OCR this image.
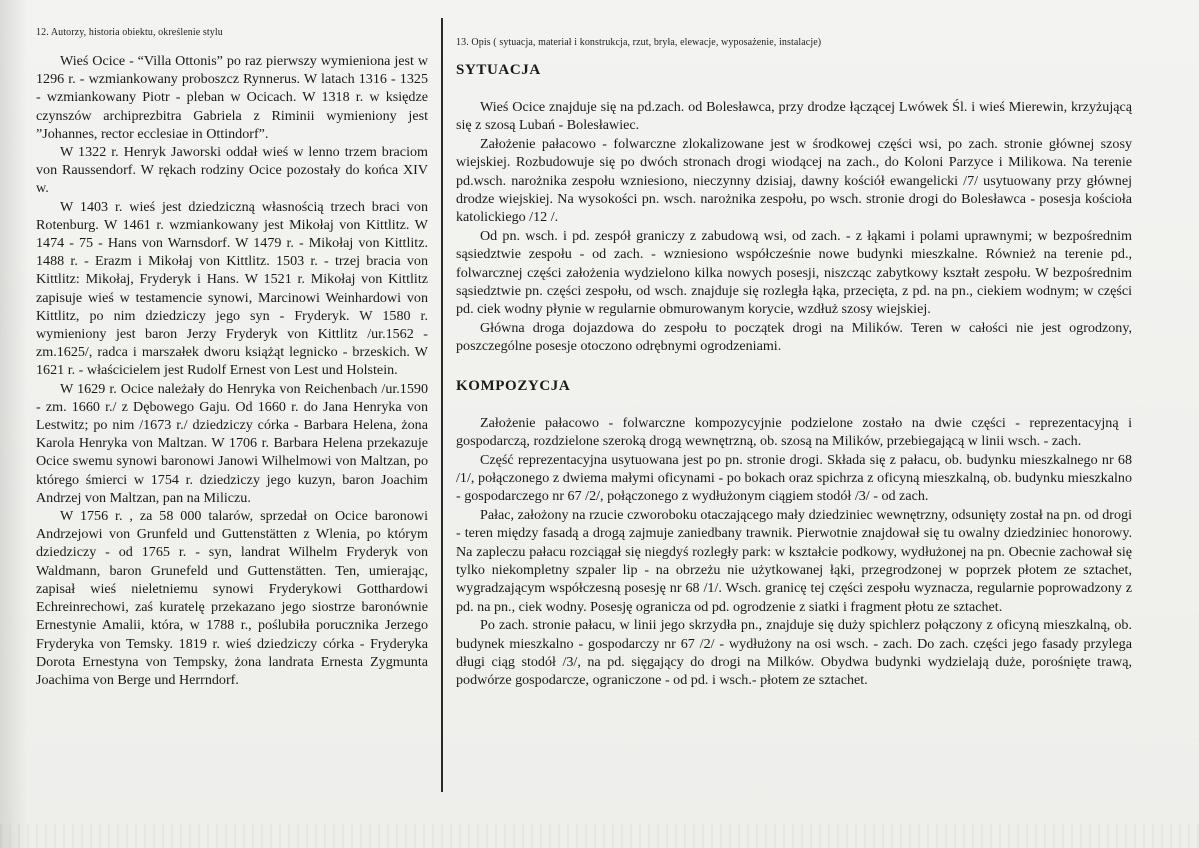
12. Autorzy, historia obiektu, określenie stylu
13. Opis ( sytuacja, materiał i konstrukcja, rzut, bryła, elewacje, wyposażenie, instalacje)

Wieś Ocice - “Villa Ottonis” po raz pierwszy wymieniona jest w 1296 r. - wzmiankowany proboszcz Rynnerus. W latach 1316 - 1325 - wzmiankowany Piotr - pleban w Ocicach. W 1318 r. w księdze czynszów archiprezbitra Gabriela z Riminii wymieniony jest ”Johannes, rector ecclesiae in Ottindorf”.

W 1322 r. Henryk Jaworski oddał wieś w lenno trzem braciom von Raussendorf. W rękach rodziny Ocice pozostały do końca XIV w.

W 1403 r. wieś jest dziedziczną własnością trzech braci von Rotenburg. W 1461 r. wzmiankowany jest Mikołaj von Kittlitz. W 1474 - 75 - Hans von Warnsdorf. W 1479 r. - Mikołaj von Kittlitz. 1488 r. - Erazm i Mikołaj von Kittlitz. 1503 r. - trzej bracia von Kittlitz: Mikołaj, Fryderyk i Hans. W 1521 r. Mikołaj von Kittlitz zapisuje wieś w testamencie synowi, Marcinowi Weinhardowi von Kittlitz, po nim dziedziczy jego syn - Fryderyk. W 1580 r. wymieniony jest baron Jerzy Fryderyk von Kittlitz /ur.1562 - zm.1625/, radca i marszałek dworu książąt legnicko - brzeskich. W 1621 r. - właścicielem jest Rudolf Ernest von Lest und Holstein.

W 1629 r. Ocice należały do Henryka von Reichenbach /ur.1590 - zm. 1660 r./ z Dębowego Gaju. Od 1660 r. do Jana Henryka von Lestwitz; po nim /1673 r./ dziedziczy córka - Barbara Helena, żona Karola Henryka von Maltzan. W 1706 r. Barbara Helena przekazuje Ocice swemu synowi baronowi Janowi Wilhelmowi von Maltzan, po którego śmierci w 1754 r. dziedziczy jego kuzyn, baron Joachim Andrzej von Maltzan, pan na Miliczu.

W 1756 r. , za 58 000 talarów, sprzedał on Ocice baronowi Andrzejowi von Grunfeld und Guttenstätten z Wlenia, po którym dziedziczy - od 1765 r. - syn, landrat Wilhelm Fryderyk von Waldmann, baron Grunefeld und Guttenstätten. Ten, umierając, zapisał wieś nieletniemu synowi Fryderykowi Gotthardowi Echreinrechowi, zaś kuratelę przekazano jego siostrze baronównie Ernestynie Amalii, która, w 1788 r., poślubiła porucznika Jerzego Fryderyka von Temsky. 1819 r. wieś dziedziczy córka - Fryderyka Dorota Ernestyna von Tempsky, żona landrata Ernesta Zygmunta Joachima von Berge und Herrndorf.

SYTUACJA

Wieś Ocice znajduje się na pd.zach. od Bolesławca, przy drodze łączącej Lwówek Śl. i wieś Mierewin, krzyżującą się z szosą Lubań - Bolesławiec.

Założenie pałacowo - folwarczne zlokalizowane jest w środkowej części wsi, po zach. stronie głównej szosy wiejskiej. Rozbudowuje się po dwóch stronach drogi wiodącej na zach., do Koloni Parzyce i Milikowa. Na terenie pd.wsch. narożnika zespołu wzniesiono, nieczynny dzisiaj, dawny kościół ewangelicki /7/ usytuowany przy głównej drodze wiejskiej. Na wysokości pn. wsch. narożnika zespołu, po wsch. stronie drogi do Bolesławca - posesja kościoła katolickiego /12 /.

Od pn. wsch. i pd. zespół graniczy z zabudową wsi, od zach. - z łąkami i polami uprawnymi; w bezpośrednim sąsiedztwie zespołu - od zach. - wzniesiono współcześnie nowe budynki mieszkalne. Również na terenie pd., folwarcznej części założenia wydzielono kilka nowych posesji, niszcząc zabytkowy kształt zespołu. W bezpośrednim sąsiedztwie pn. części zespołu, od wsch. znajduje się rozległa łąka, przecięta, z pd. na pn., ciekiem wodnym; w części pd. ciek wodny płynie w regularnie obmurowanym korycie, wzdłuż szosy wiejskiej.

Główna droga dojazdowa do zespołu to początek drogi na Milików. Teren w całości nie jest ogrodzony, poszczególne posesje otoczono odrębnymi ogrodzeniami.

KOMPOZYCJA

Założenie pałacowo - folwarczne kompozycyjnie podzielone zostało na dwie części - reprezentacyjną i gospodarczą, rozdzielone szeroką drogą wewnętrzną, ob. szosą na Milików, przebiegającą w linii wsch. - zach.

Część reprezentacyjna usytuowana jest po pn. stronie drogi. Składa się z pałacu, ob. budynku mieszkalnego nr 68 /1/, połączonego z dwiema małymi oficynami - po bokach oraz spichrza z oficyną mieszkalną, ob. budynku mieszkalno - gospodarczego nr 67 /2/, połączonego z wydłużonym ciągiem stodół /3/ - od zach.

Pałac, założony na rzucie czworoboku otaczającego mały dziedziniec wewnętrzny, odsunięty został na pn. od drogi - teren między fasadą a drogą zajmuje zaniedbany trawnik. Pierwotnie znajdował się tu owalny dziedziniec honorowy. Na zapleczu pałacu rozciągał się niegdyś rozległy park: w kształcie podkowy, wydłużonej na pn. Obecnie zachował się tylko niekompletny szpaler lip - na obrzeżu nie użytkowanej łąki, przegrodzonej w poprzek płotem ze sztachet, wygradzającym współczesną posesję nr 68 /1/. Wsch. granicę tej części zespołu wyznacza, regularnie poprowadzony z pd. na pn., ciek wodny. Posesję ogranicza od pd. ogrodzenie z siatki i fragment płotu ze sztachet.

Po zach. stronie pałacu, w linii jego skrzydła pn., znajduje się duży spichlerz połączony z oficyną mieszkalną, ob. budynek mieszkalno - gospodarczy nr 67 /2/ - wydłużony na osi wsch. - zach. Do zach. części jego fasady przylega długi ciąg stodół /3/, na pd. sięgający do drogi na Milków. Obydwa budynki wydzielają duże, porośnięte trawą, podwórze gospodarcze, ograniczone - od pd. i wsch.- płotem ze sztachet.
